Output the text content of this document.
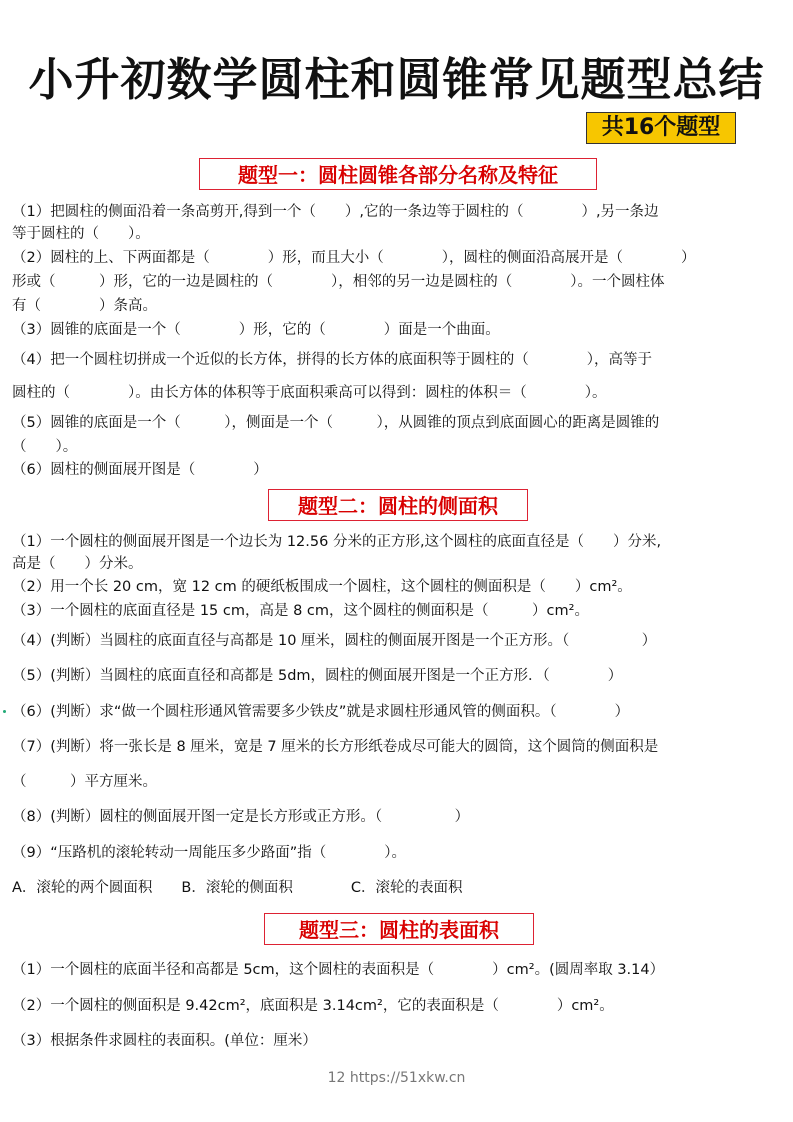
小升初数学圆柱和圆锥常见题型总结
共16个题型
题型一：圆柱圆锥各部分名称及特征
（1）把圆柱的侧面沿着一条高剪开,得到一个（　　）,它的一条边等于圆柱的（　　　　）,另一条边
等于圆柱的（　　）。
（2）圆柱的上、下两面都是（　　　　）形，而且大小（　　　　），圆柱的侧面沿高展开是（　　　　）
形或（　　　）形，它的一边是圆柱的（　　　　），相邻的另一边是圆柱的（　　　　）。一个圆柱体
有（　　　　）条高。
（3）圆锥的底面是一个（　　　　）形，它的（　　　　）面是一个曲面。
（4）把一个圆柱切拼成一个近似的长方体，拼得的长方体的底面积等于圆柱的（　　　　），高等于
圆柱的（　　　　）。由长方体的体积等于底面积乘高可以得到：圆柱的体积＝（　　　　）。
（5）圆锥的底面是一个（　　　），侧面是一个（　　　），从圆锥的顶点到底面圆心的距离是圆锥的
（　　）。
（6）圆柱的侧面展开图是（　　　　）
题型二：圆柱的侧面积
（1）一个圆柱的侧面展开图是一个边长为 12.56 分米的正方形,这个圆柱的底面直径是（　　）分米,
高是（　　）分米。
（2）用一个长 20 cm，宽 12 cm 的硬纸板围成一个圆柱，这个圆柱的侧面积是（　　）cm²。
（3）一个圆柱的底面直径是 15 cm，高是 8 cm，这个圆柱的侧面积是（　　　）cm²。
（4）(判断）当圆柱的底面直径与高都是 10 厘米，圆柱的侧面展开图是一个正方形。（　　　　　）
（5）(判断）当圆柱的底面直径和高都是 5dm，圆柱的侧面展开图是一个正方形．（　　　　）
（6）(判断）求“做一个圆柱形通风管需要多少铁皮”就是求圆柱形通风管的侧面积。（　　　　）
（7）(判断）将一张长是 8 厘米，宽是 7 厘米的长方形纸卷成尽可能大的圆筒，这个圆筒的侧面积是
（　　　）平方厘米。
（8）(判断）圆柱的侧面展开图一定是长方形或正方形。（　　　　　）
（9）“压路机的滚轮转动一周能压多少路面”指（　　　　）。
A．滚轮的两个圆面积　　B．滚轮的侧面积　　　　C．滚轮的表面积
题型三：圆柱的表面积
（1）一个圆柱的底面半径和高都是 5cm，这个圆柱的表面积是（　　　　）cm²。(圆周率取 3.14）
（2）一个圆柱的侧面积是 9.42cm²，底面积是 3.14cm²，它的表面积是（　　　　）cm²。
（3）根据条件求圆柱的表面积。(单位：厘米）
12 https://51xkw.cn
